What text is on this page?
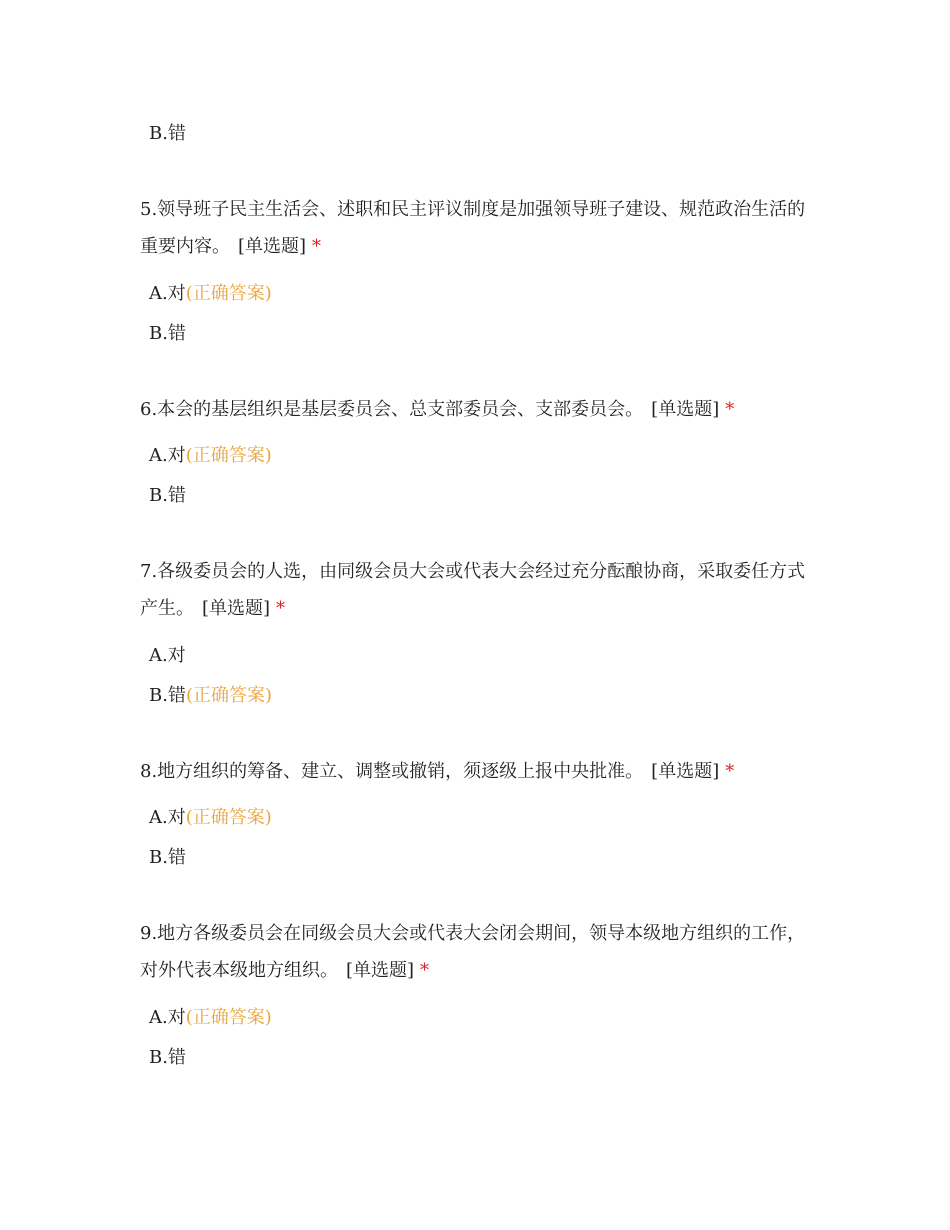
B.错
5.领导班子民主生活会、述职和民主评议制度是加强领导班子建设、规范政治生活的重要内容。 [单选题] *
A.对(正确答案)
B.错
6.本会的基层组织是基层委员会、总支部委员会、支部委员会。 [单选题] *
A.对(正确答案)
B.错
7.各级委员会的人选，由同级会员大会或代表大会经过充分酝酿协商，采取委任方式产生。 [单选题] *
A.对
B.错(正确答案)
8.地方组织的筹备、建立、调整或撤销，须逐级上报中央批准。 [单选题] *
A.对(正确答案)
B.错
9.地方各级委员会在同级会员大会或代表大会闭会期间，领导本级地方组织的工作，对外代表本级地方组织。 [单选题] *
A.对(正确答案)
B.错
